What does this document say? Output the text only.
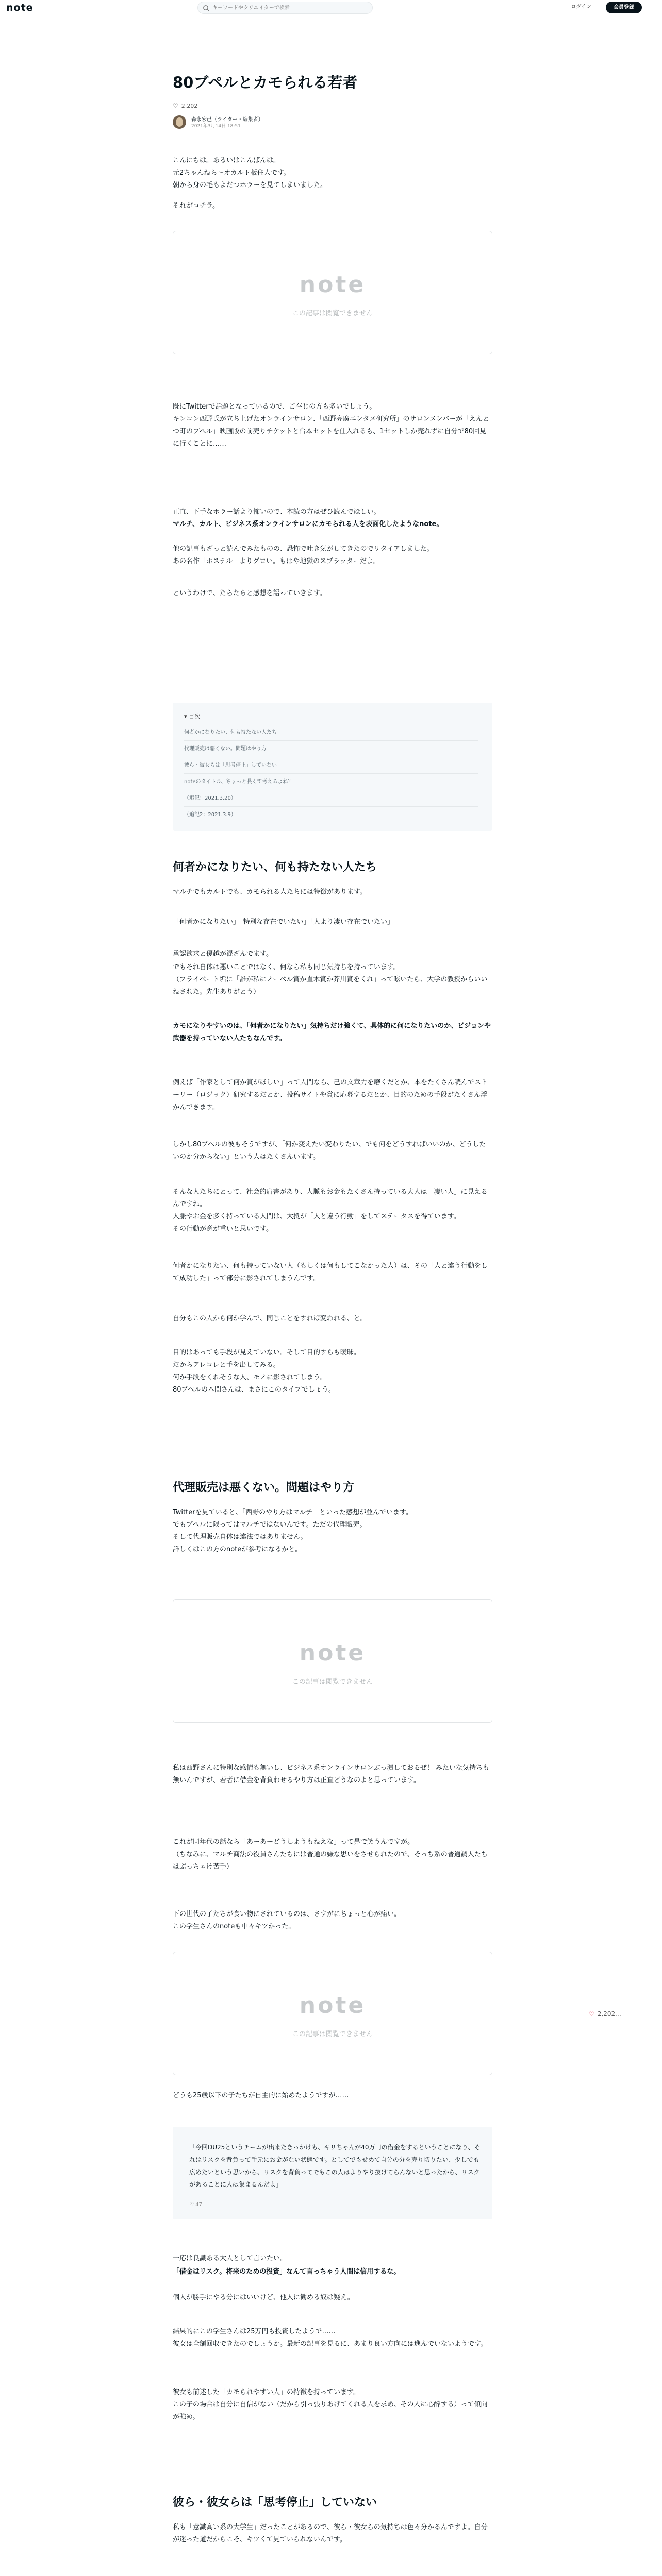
note
キーワードやクリエイターで検索	ログイン	会員登録
80ブペルとカモられる若者
♡ 2,202
森永宏己（ライター・編集者）
2021年3月14日 18:51
こんにちは。あるいはこんばんは。
元2ちゃんねら～オカルト板住人です。
朝から身の毛もよだつホラーを見てしまいました。
それがコチラ。
note
この記事は閲覧できません
既にTwitterで話題となっているので、ご存じの方も多いでしょう。
キンコン西野氏が立ち上げたオンラインサロン、「西野亮廣エンタメ研究所」のサロンメンバーが「えんとつ町のプペル」映画版の前売りチケットと台本セットを仕入れるも、1セットしか売れずに自分で80回見に行くことに……
正直、下手なホラー話より怖いので、本読の方はぜひ読んでほしい。
マルチ、カルト、ビジネス系オンラインサロンにカモられる人を表面化したようなnote。
他の記事もざっと読んでみたものの、恐怖で吐き気がしてきたのでリタイアしました。
あの名作「ホステル」よりグロい。もはや地獄のスプラッターだよ。
というわけで、たらたらと感想を語っていきます。
▾ 目次
何者かになりたい、何も持たない人たち
代理販売は悪くない。問題はやり方
彼ら・彼女らは「思考停止」していない
noteのタイトル、ちょっと長くて考えるよね？
（追記：2021.3.20）
（追記2：2021.3.9）
何者かになりたい、何も持たない人たち
マルチでもカルトでも、カモられる人たちには特徴があります。
「何者かになりたい」「特別な存在でいたい」「人より凄い存在でいたい」
承認欲求と優越が混ざんでます。
でもそれ自体は悪いことではなく、何なら私も同じ気持ちを持っています。
（プライベート垢に「誰が私にノーベル賞か直木賞か芥川賞をくれ」って呟いたら、大学の教授からいいねされた。先生ありがとう）
カモになりやすいのは、「何者かになりたい」気持ちだけ強くて、具体的に何になりたいのか、ビジョンや武器を持っていない人たちなんです。
例えば「作家として何か賞がほしい」って人間なら、己の文章力を磨くだとか、本をたくさん読んでストーリー（ロジック）研究するだとか、投稿サイトや賞に応募するだとか、目的のための手段がたくさん浮かんできます。
しかし80プペルの彼もそうですが、「何か変えたい変わりたい、でも何をどうすればいいのか、どうしたいのか分からない」という人はたくさんいます。
そんな人たちにとって、社会的肩書があり、人脈もお金もたくさん持っている大人は「凄い人」に見えるんですね。
人脈やお金を多く持っている人間は、大抵が「人と違う行動」をしてステータスを得ています。
その行動が意が重いと思いです。
何者かになりたい、何も持っていない人（もしくは何もしてこなかった人）は、その「人と違う行動をして成功した」って部分に影されてしまうんです。
自分もこの人から何か学んで、同じことをすれば変われる、と。
目的はあっても手段が見えていない。そして目的すらも曖昧。
だからアレコレと手を出してみる。
何か手段をくれそうな人、モノに影されてしまう。
80プペルの本間さんは、まさにこのタイプでしょう。
代理販売は悪くない。問題はやり方
Twitterを見ていると、「西野のやり方はマルチ」といった感想が並んでいます。
でもプペルに限ってはマルチではないんです。ただの代理販売。
そして代理販売自体は違法ではありません。
詳しくはこの方のnoteが参考になるかと。
note
この記事は閲覧できません
私は西野さんに特別な感情も無いし、ビジネス系オンラインサロンぶっ潰しておるぜ！ みたいな気持ちも無いんですが、若者に借金を背負わせるやり方は正直どうなのよと思っています。
これが同年代の話なら「あーあーどうしようもねえな」って鼻で笑うんですが。
（ちなみに、マルチ商法の役員さんたちには普通の嫌な思いをさせられたので、そっち系の普通調人たちはぶっちゃけ苦手）
下の世代の子たちが食い物にされているのは、さすがにちょっと心が痛い。
この学生さんのnoteも中々キツかった。
note
この記事は閲覧できません
どうも25歳以下の子たちが自主的に始めたようですが……
「今回DU25というチームが出来たきっかけも、キリちゃんが40万円の借金をするということになり、それはリスクを背負って手元にお金がない状態です。としてでもせめて自分の分を売り切りたい、少しでも広めたいという思いから、リスクを背負ってでもこの人はよりやり抜けてらんないと思ったから、リスクがあることに人は集まるんだよ」
♡ 47
一応は良識ある大人として言いたい。
「借金はリスク。将来のための投資」なんて言っちゃう人間は信用するな。
個人が勝手にやる分にはいいけど、他人に勧める奴は疑え。
結果的にこの学生さんは25万円も投資したようで……
彼女は全額回収できたのでしょうか。最新の記事を見るに、あまり良い方向には進んでいないようです。
彼女も前述した「カモられやすい人」の特徴を持っています。
この子の場合は自分に自信がない（だから引っ張りあげてくれる人を求め、その人に心酔する）って傾向が強め。
彼ら・彼女らは「思考停止」していない
私も「意識高い系の大学生」だったことがあるので、彼ら・彼女らの気持ちは色々分かるんですよ。自分が迷った道だからこそ、キツくて見ていられないんです。
♡ 2,202 …
